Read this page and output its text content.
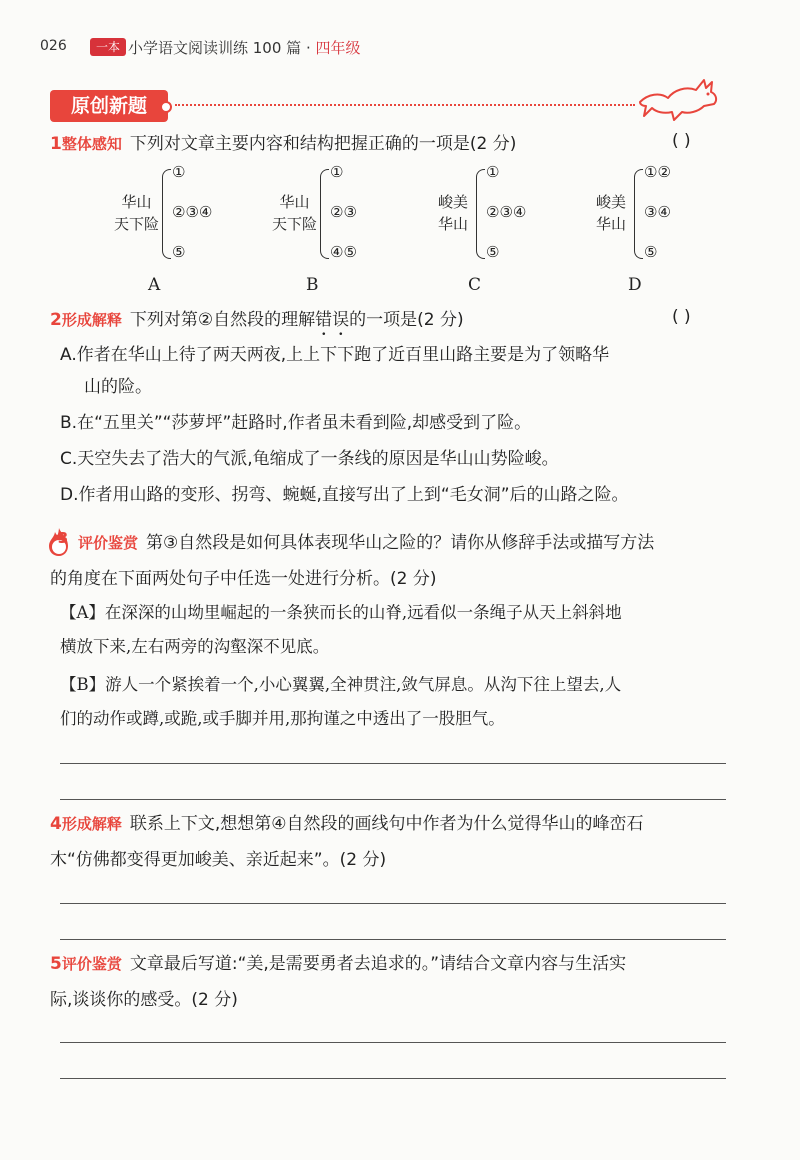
026	一本 小学语文阅读训练 100 篇 · 四年级
原创新题
1整体感知 下列对文章主要内容和结构把握正确的一项是(2 分)	( )
华山
天下险
①
②③④
⑤
A
华山
天下险
①
②③
④⑤
B
峻美
华山
①
②③④
⑤
C
峻美
华山
①②
③④
⑤
D
2形成解释 下列对第②自然段的理解错误的一项是(2 分)	( )
A.作者在华山上待了两天两夜,上上下下跑了近百里山路主要是为了领略华
山的险。
B.在“五里关”“莎萝坪”赶路时,作者虽未看到险,却感受到了险。
C.天空失去了浩大的气派,龟缩成了一条线的原因是华山山势险峻。
D.作者用山路的变形、拐弯、蜿蜒,直接写出了上到“毛女洞”后的山路之险。
3 评价鉴赏 第③自然段是如何具体表现华山之险的？请你从修辞手法或描写方法
的角度在下面两处句子中任选一处进行分析。(2 分)
【A】在深深的山坳里崛起的一条狭而长的山脊,远看似一条绳子从天上斜斜地
横放下来,左右两旁的沟壑深不见底。
【B】游人一个紧挨着一个,小心翼翼,全神贯注,敛气屏息。从沟下往上望去,人
们的动作或蹲,或跪,或手脚并用,那拘谨之中透出了一股胆气。
4形成解释 联系上下文,想想第④自然段的画线句中作者为什么觉得华山的峰峦石
木“仿佛都变得更加峻美、亲近起来”。(2 分)
5评价鉴赏 文章最后写道:“美,是需要勇者去追求的。”请结合文章内容与生活实
际,谈谈你的感受。(2 分)
